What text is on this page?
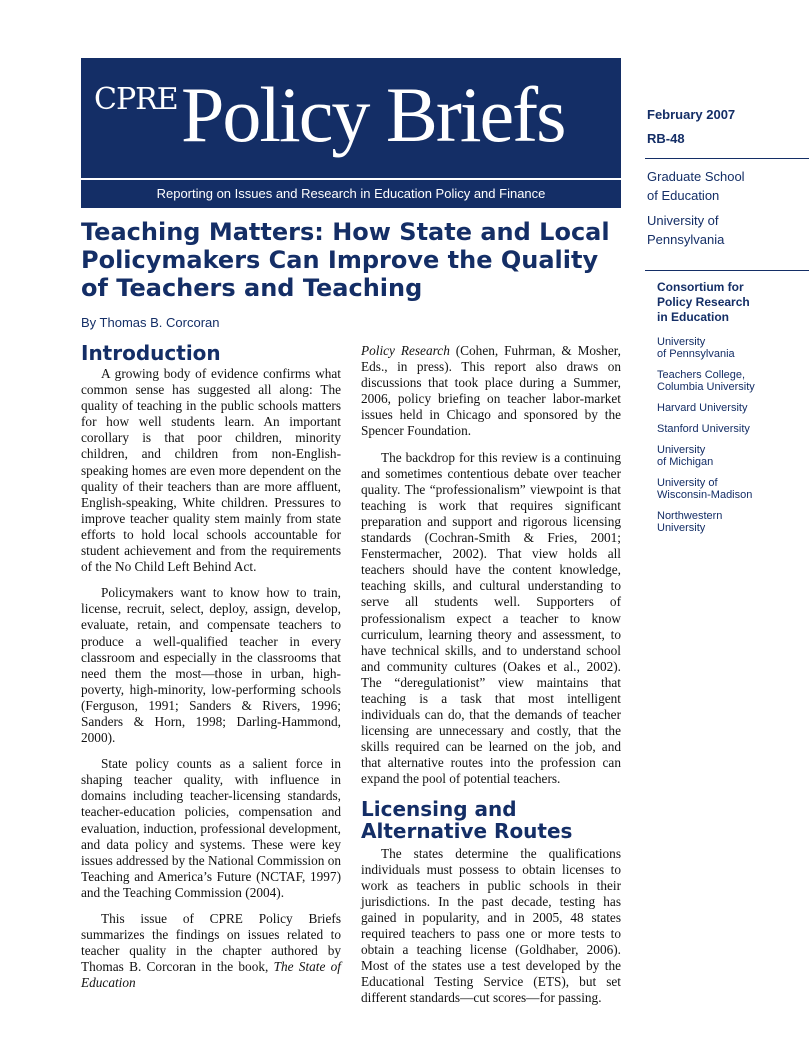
CPRE Policy Briefs
Reporting on Issues and Research in Education Policy and Finance
Teaching Matters: How State and Local Policymakers Can Improve the Quality of Teachers and Teaching
By Thomas B. Corcoran
Introduction

A growing body of evidence confirms what common sense has suggested all along: The quality of teaching in the public schools matters for how well students learn. An important corollary is that poor children, minority children, and children from non-English-speaking homes are even more dependent on the quality of their teachers than are more affluent, English-speaking, White children. Pressures to improve teacher quality stem mainly from state efforts to hold local schools accountable for student achievement and from the requirements of the No Child Left Behind Act.

Policymakers want to know how to train, license, recruit, select, deploy, assign, develop, evaluate, retain, and compensate teachers to produce a well-qualified teacher in every classroom and especially in the classrooms that need them the most—those in urban, high-poverty, high-minority, low-performing schools (Ferguson, 1991; Sanders & Rivers, 1996; Sanders & Horn, 1998; Darling-Hammond, 2000).

State policy counts as a salient force in shaping teacher quality, with influence in domains including teacher-licensing standards, teacher-education policies, compensation and evaluation, induction, professional development, and data policy and systems. These were key issues addressed by the National Commission on Teaching and America’s Future (NCTAF, 1997) and the Teaching Commission (2004).

This issue of CPRE Policy Briefs summarizes the findings on issues related to teacher quality in the chapter authored by Thomas B. Corcoran in the book, The State of Education

Policy Research (Cohen, Fuhrman, & Mosher, Eds., in press). This report also draws on discussions that took place during a Summer, 2006, policy briefing on teacher labor-market issues held in Chicago and sponsored by the Spencer Foundation.

The backdrop for this review is a continuing and sometimes contentious debate over teacher quality. The “professionalism” viewpoint is that teaching is work that requires significant preparation and support and rigorous licensing standards (Cochran-Smith & Fries, 2001; Fenstermacher, 2002). That view holds all teachers should have the content knowledge, teaching skills, and cultural understanding to serve all students well. Supporters of professionalism expect a teacher to know curriculum, learning theory and assessment, to have technical skills, and to understand school and community cultures (Oakes et al., 2002). The “deregulationist” view maintains that teaching is a task that most intelligent individuals can do, that the demands of teacher licensing are unnecessary and costly, that the skills required can be learned on the job, and that alternative routes into the profession can expand the pool of potential teachers.

Licensing and Alternative Routes

The states determine the qualifications individuals must possess to obtain licenses to work as teachers in public schools in their jurisdictions. In the past decade, testing has gained in popularity, and in 2005, 48 states required teachers to pass one or more tests to obtain a teaching license (Goldhaber, 2006). Most of the states use a test developed by the Educational Testing Service (ETS), but set different standards—cut scores—for passing.

February 2007
RB-48
Graduate School
of Education
University of
Pennsylvania
Consortium for
Policy Research
in Education
University
of Pennsylvania
Teachers College,
Columbia University
Harvard University
Stanford University
University
of Michigan
University of
Wisconsin-Madison
Northwestern
University
